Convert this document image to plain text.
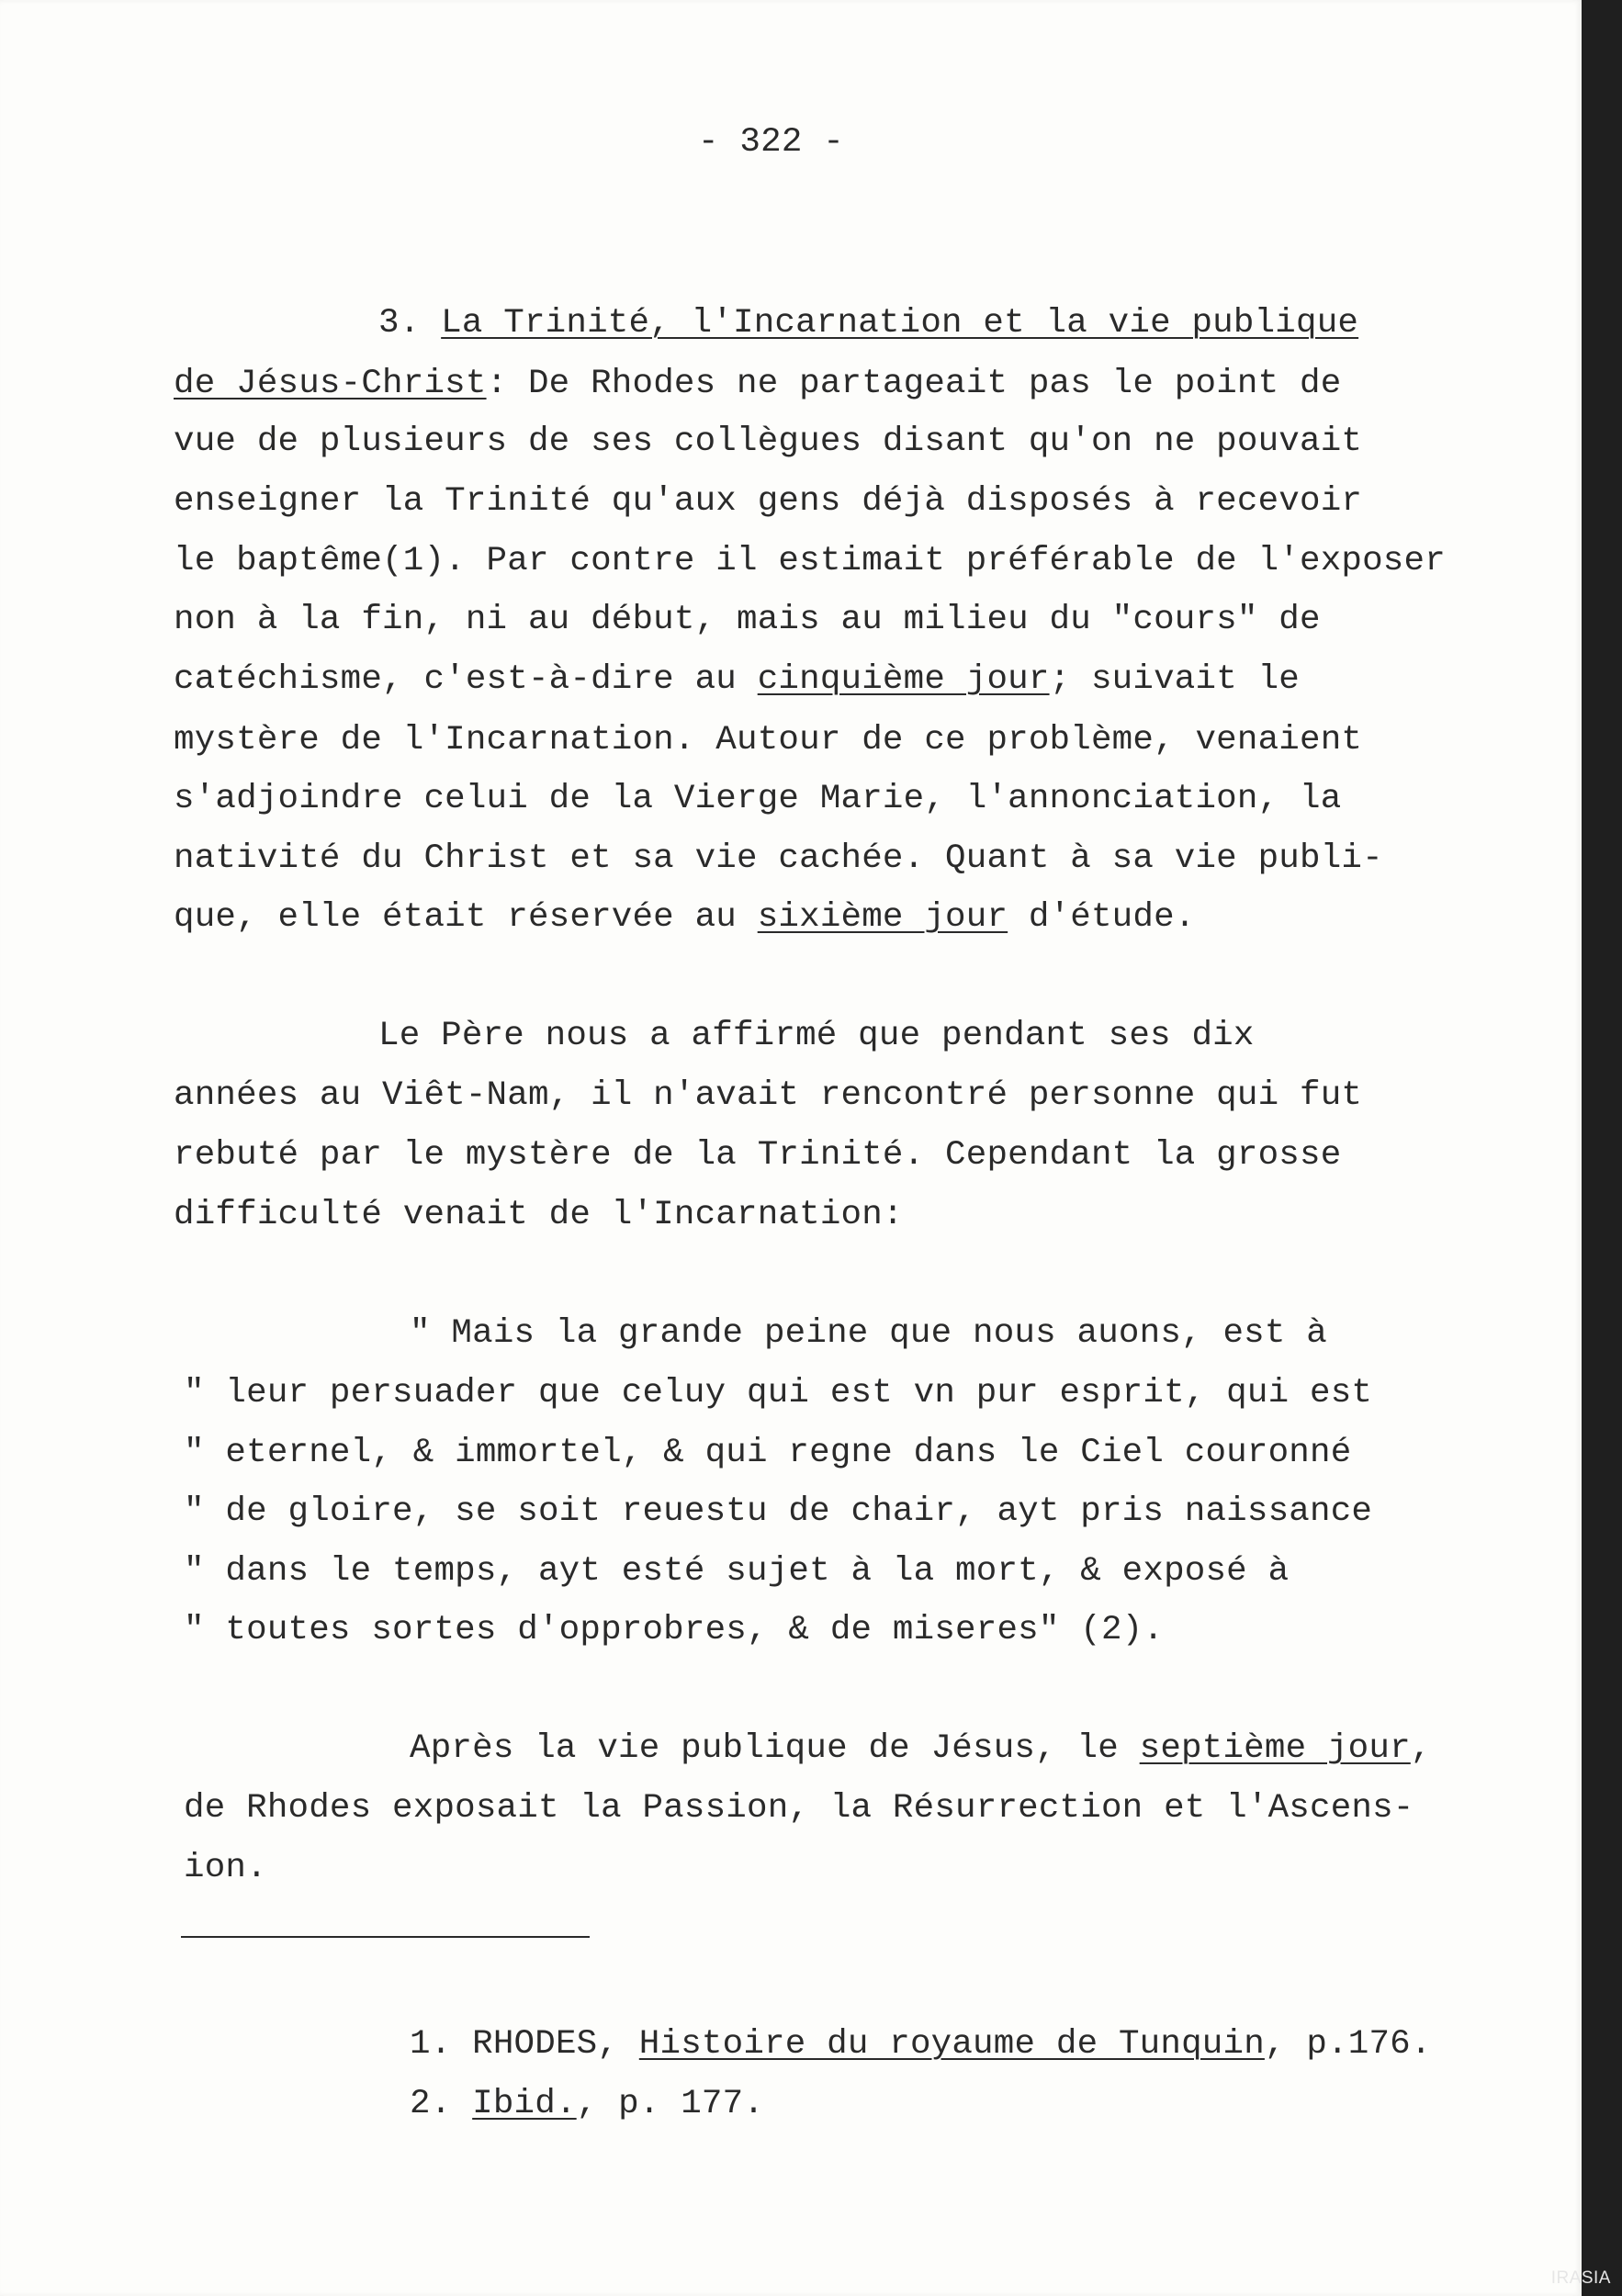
- 322 -
3. La Trinité, l'Incarnation et la vie publique
de Jésus-Christ: De Rhodes ne partageait pas le point de
vue de plusieurs de ses collègues disant qu'on ne pouvait
enseigner la Trinité qu'aux gens déjà disposés à recevoir
le baptême(1). Par contre il estimait préférable de l'exposer
non à la fin, ni au début, mais au milieu du "cours" de
catéchisme, c'est-à-dire au cinquième jour; suivait le
mystère de l'Incarnation. Autour de ce problème, venaient
s'adjoindre celui de la Vierge Marie, l'annonciation, la
nativité du Christ et sa vie cachée. Quant à sa vie publi-
que, elle était réservée au sixième jour d'étude.
Le Père nous a affirmé que pendant ses dix
années au Viêt-Nam, il n'avait rencontré personne qui fut
rebuté par le mystère de la Trinité. Cependant la grosse
difficulté venait de l'Incarnation:
" Mais la grande peine que nous auons, est à
" leur persuader que celuy qui est vn pur esprit, qui est
" eternel, & immortel, & qui regne dans le Ciel couronné
" de gloire, se soit reuestu de chair, ayt pris naissance
" dans le temps, ayt esté sujet à la mort, & exposé à
" toutes sortes d'opprobres, & de miseres" (2).
Après la vie publique de Jésus, le septième jour,
de Rhodes exposait la Passion, la Résurrection et l'Ascens-
ion.
1. RHODES, Histoire du royaume de Tunquin, p.176.
2. Ibid., p. 177.
IRASIA
